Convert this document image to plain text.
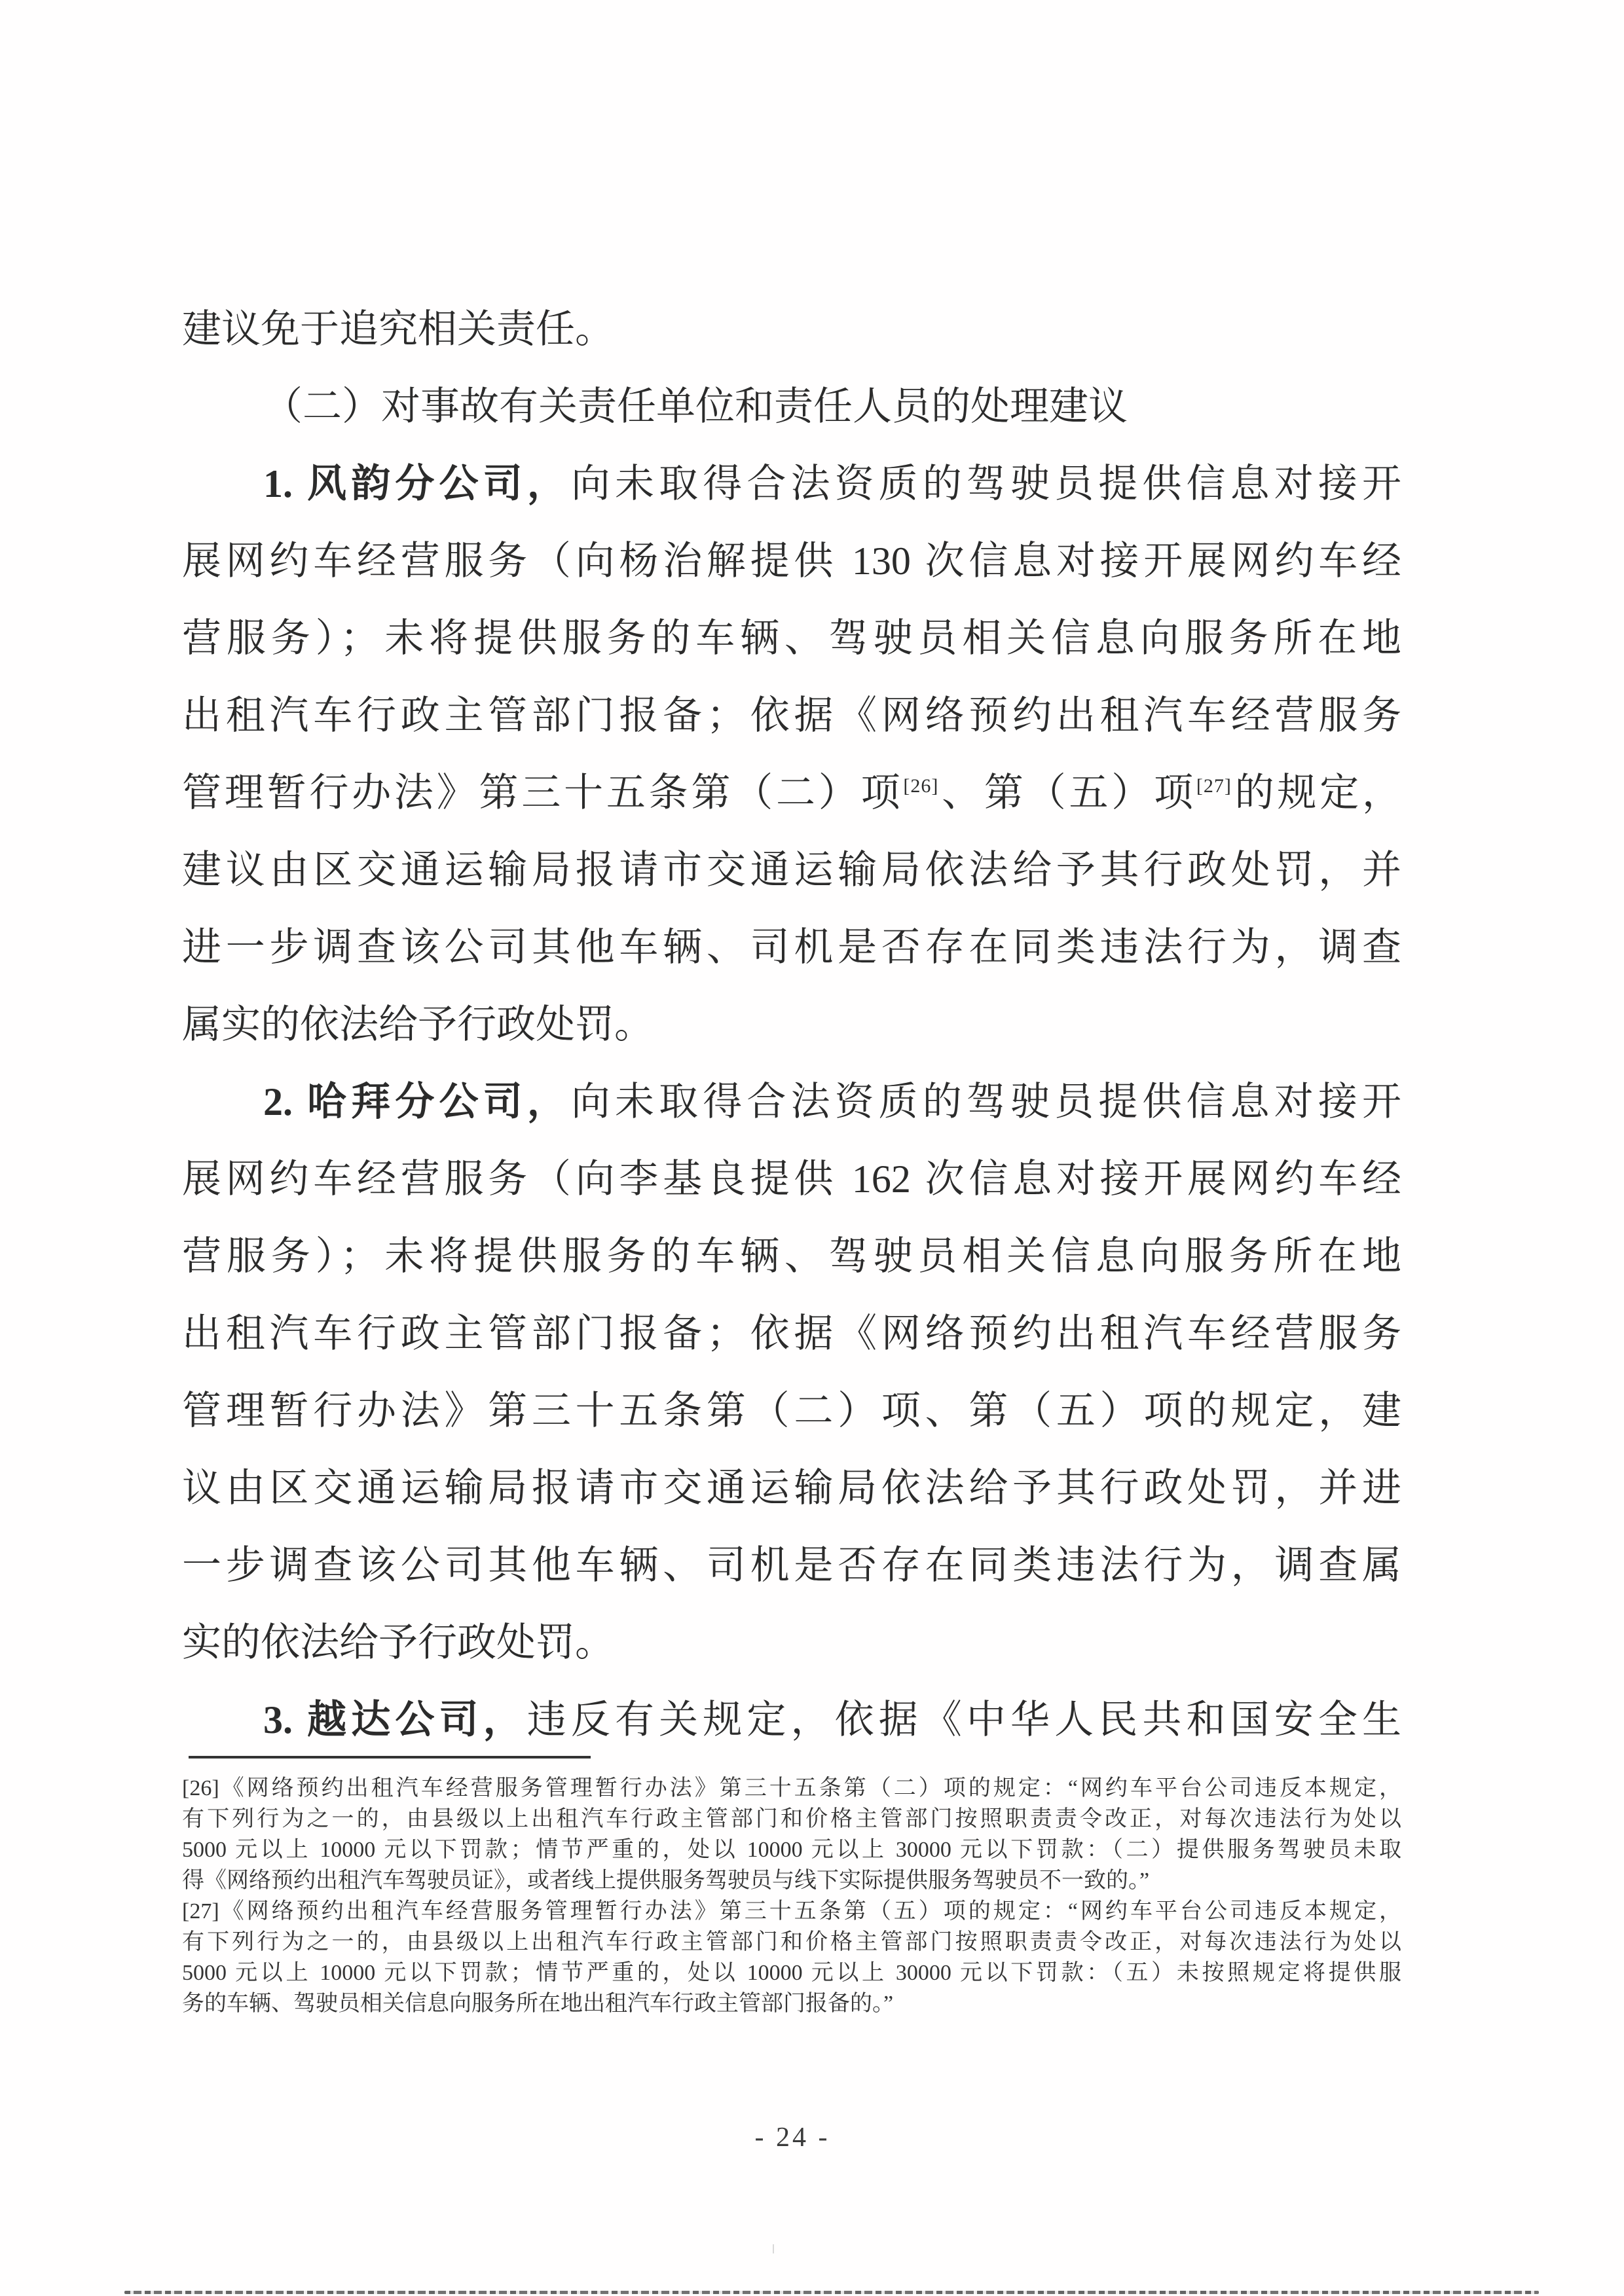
建议免于追究相关责任。
（二）对事故有关责任单位和责任人员的处理建议
1. 风韵分公司，向未取得合法资质的驾驶员提供信息对接开
展网约车经营服务（向杨治解提供 130 次信息对接开展网约车经
营服务）；未将提供服务的车辆、驾驶员相关信息向服务所在地
出租汽车行政主管部门报备；依据《网络预约出租汽车经营服务
管理暂行办法》第三十五条第（二）项[26]、第（五）项[27]的规定，
建议由区交通运输局报请市交通运输局依法给予其行政处罚，并
进一步调查该公司其他车辆、司机是否存在同类违法行为，调查
属实的依法给予行政处罚。
2. 哈拜分公司，向未取得合法资质的驾驶员提供信息对接开
展网约车经营服务（向李基良提供 162 次信息对接开展网约车经
营服务）；未将提供服务的车辆、驾驶员相关信息向服务所在地
出租汽车行政主管部门报备；依据《网络预约出租汽车经营服务
管理暂行办法》第三十五条第（二）项、第（五）项的规定，建
议由区交通运输局报请市交通运输局依法给予其行政处罚，并进
一步调查该公司其他车辆、司机是否存在同类违法行为，调查属
实的依法给予行政处罚。
3. 越达公司，违反有关规定，依据《中华人民共和国安全生
[26]《网络预约出租汽车经营服务管理暂行办法》第三十五条第（二）项的规定：“网约车平台公司违反本规定，
有下列行为之一的，由县级以上出租汽车行政主管部门和价格主管部门按照职责责令改正，对每次违法行为处以
5000 元以上 10000 元以下罚款；情节严重的，处以 10000 元以上 30000 元以下罚款：（二）提供服务驾驶员未取
得《网络预约出租汽车驾驶员证》，或者线上提供服务驾驶员与线下实际提供服务驾驶员不一致的。”
[27]《网络预约出租汽车经营服务管理暂行办法》第三十五条第（五）项的规定：“网约车平台公司违反本规定，
有下列行为之一的，由县级以上出租汽车行政主管部门和价格主管部门按照职责责令改正，对每次违法行为处以
5000 元以上 10000 元以下罚款；情节严重的，处以 10000 元以上 30000 元以下罚款：（五）未按照规定将提供服
务的车辆、驾驶员相关信息向服务所在地出租汽车行政主管部门报备的。”
- 24 -
